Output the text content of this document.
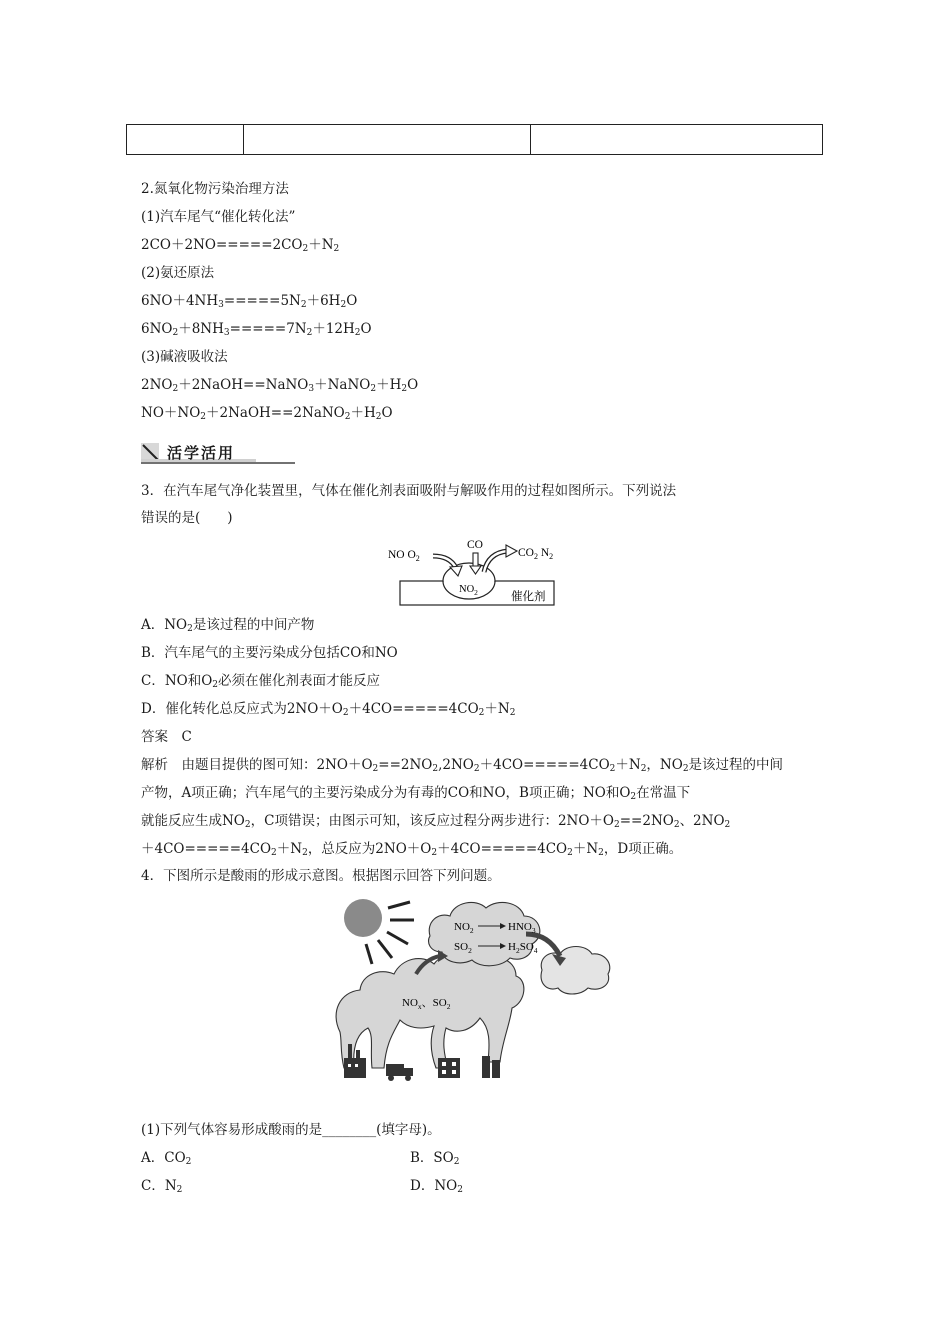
2.氮氧化物污染治理方法
(1)汽车尾气“催化转化法”
$2CO+2NO=====2CO_2+N_2$
(2)氨还原法
$6NO+4NH_3=====5N_2+6H_2O$
$6NO_2+8NH_3=====7N_2+12H_2O$
(3)碱液吸收法
$2NO_2+2NaOH==NaNO_3+NaNO_2+H_2O$
$NO+NO_2+2NaOH==2NaNO_2+H_2O$
活学活用
3．在汽车尾气净化装置里，气体在催化剂表面吸附与解吸作用的过程如图所示。下列说法
错误的是(　　)
NO $O_2$
CO
$CO_2$ $N_2$
$NO_2$	催化剂
A．$NO_2$是该过程的中间产物
B．汽车尾气的主要污染成分包括CO和NO
C．NO和$O_2$必须在催化剂表面才能反应
D．催化转化总反应式为$2NO+O_2+4CO=====4CO_2+N_2$
答案　C
解析　由题目提供的图可知：$2NO+O_2==2NO_2,2NO_2+4CO=====4CO_2+N_2$，$NO_2$是该过程的中间
产物，A项正确；汽车尾气的主要污染成分为有毒的CO和NO，B项正确；NO和$O_2$在常温下
就能反应生成$NO_2$，C项错误；由图示可知，该反应过程分两步进行：$2NO+O_2==2NO_2$、$2NO_2$
$+4CO=====4CO_2+N_2$，总反应为$2NO+O_2+4CO=====4CO_2+N_2$，D项正确。
4．下图所示是酸雨的形成示意图。根据图示回答下列问题。
$NO_2$	$HNO_3$
$SO_2$	$H_2SO_4$
$NO_x$、$SO_2$
(1)下列气体容易形成酸雨的是________(填字母)。
A．$CO_2$	B．$SO_2$
C．$N_2$	D．$NO_2$
